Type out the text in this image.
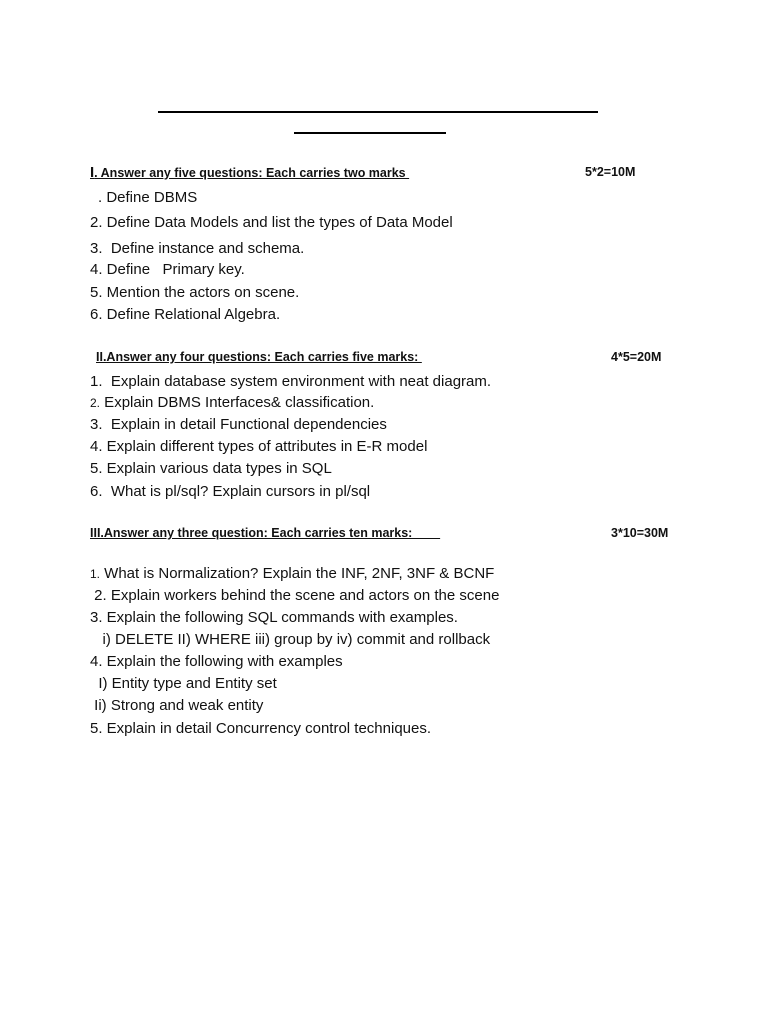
I. Answer any five questions: Each carries two marks	5*2=10M
. Define DBMS
2. Define Data Models and list the types of Data Model
3.  Define instance and schema.
4. Define   Primary key.
5. Mention the actors on scene.
6. Define Relational Algebra.
II.Answer any four questions: Each carries five marks:	4*5=20M
1.  Explain database system environment with neat diagram.
2. Explain DBMS Interfaces& classification.
3.  Explain in detail Functional dependencies
4. Explain different types of attributes in E-R model
5. Explain various data types in SQL
6.  What is pl/sql? Explain cursors in pl/sql
III.Answer any three question: Each carries ten marks:	3*10=30M
1. What is Normalization? Explain the INF, 2NF, 3NF & BCNF
2. Explain workers behind the scene and actors on the scene
3. Explain the following SQL commands with examples.
i) DELETE II) WHERE iii) group by iv) commit and rollback
4. Explain the following with examples
I) Entity type and Entity set
Ii) Strong and weak entity
5. Explain in detail Concurrency control techniques.
